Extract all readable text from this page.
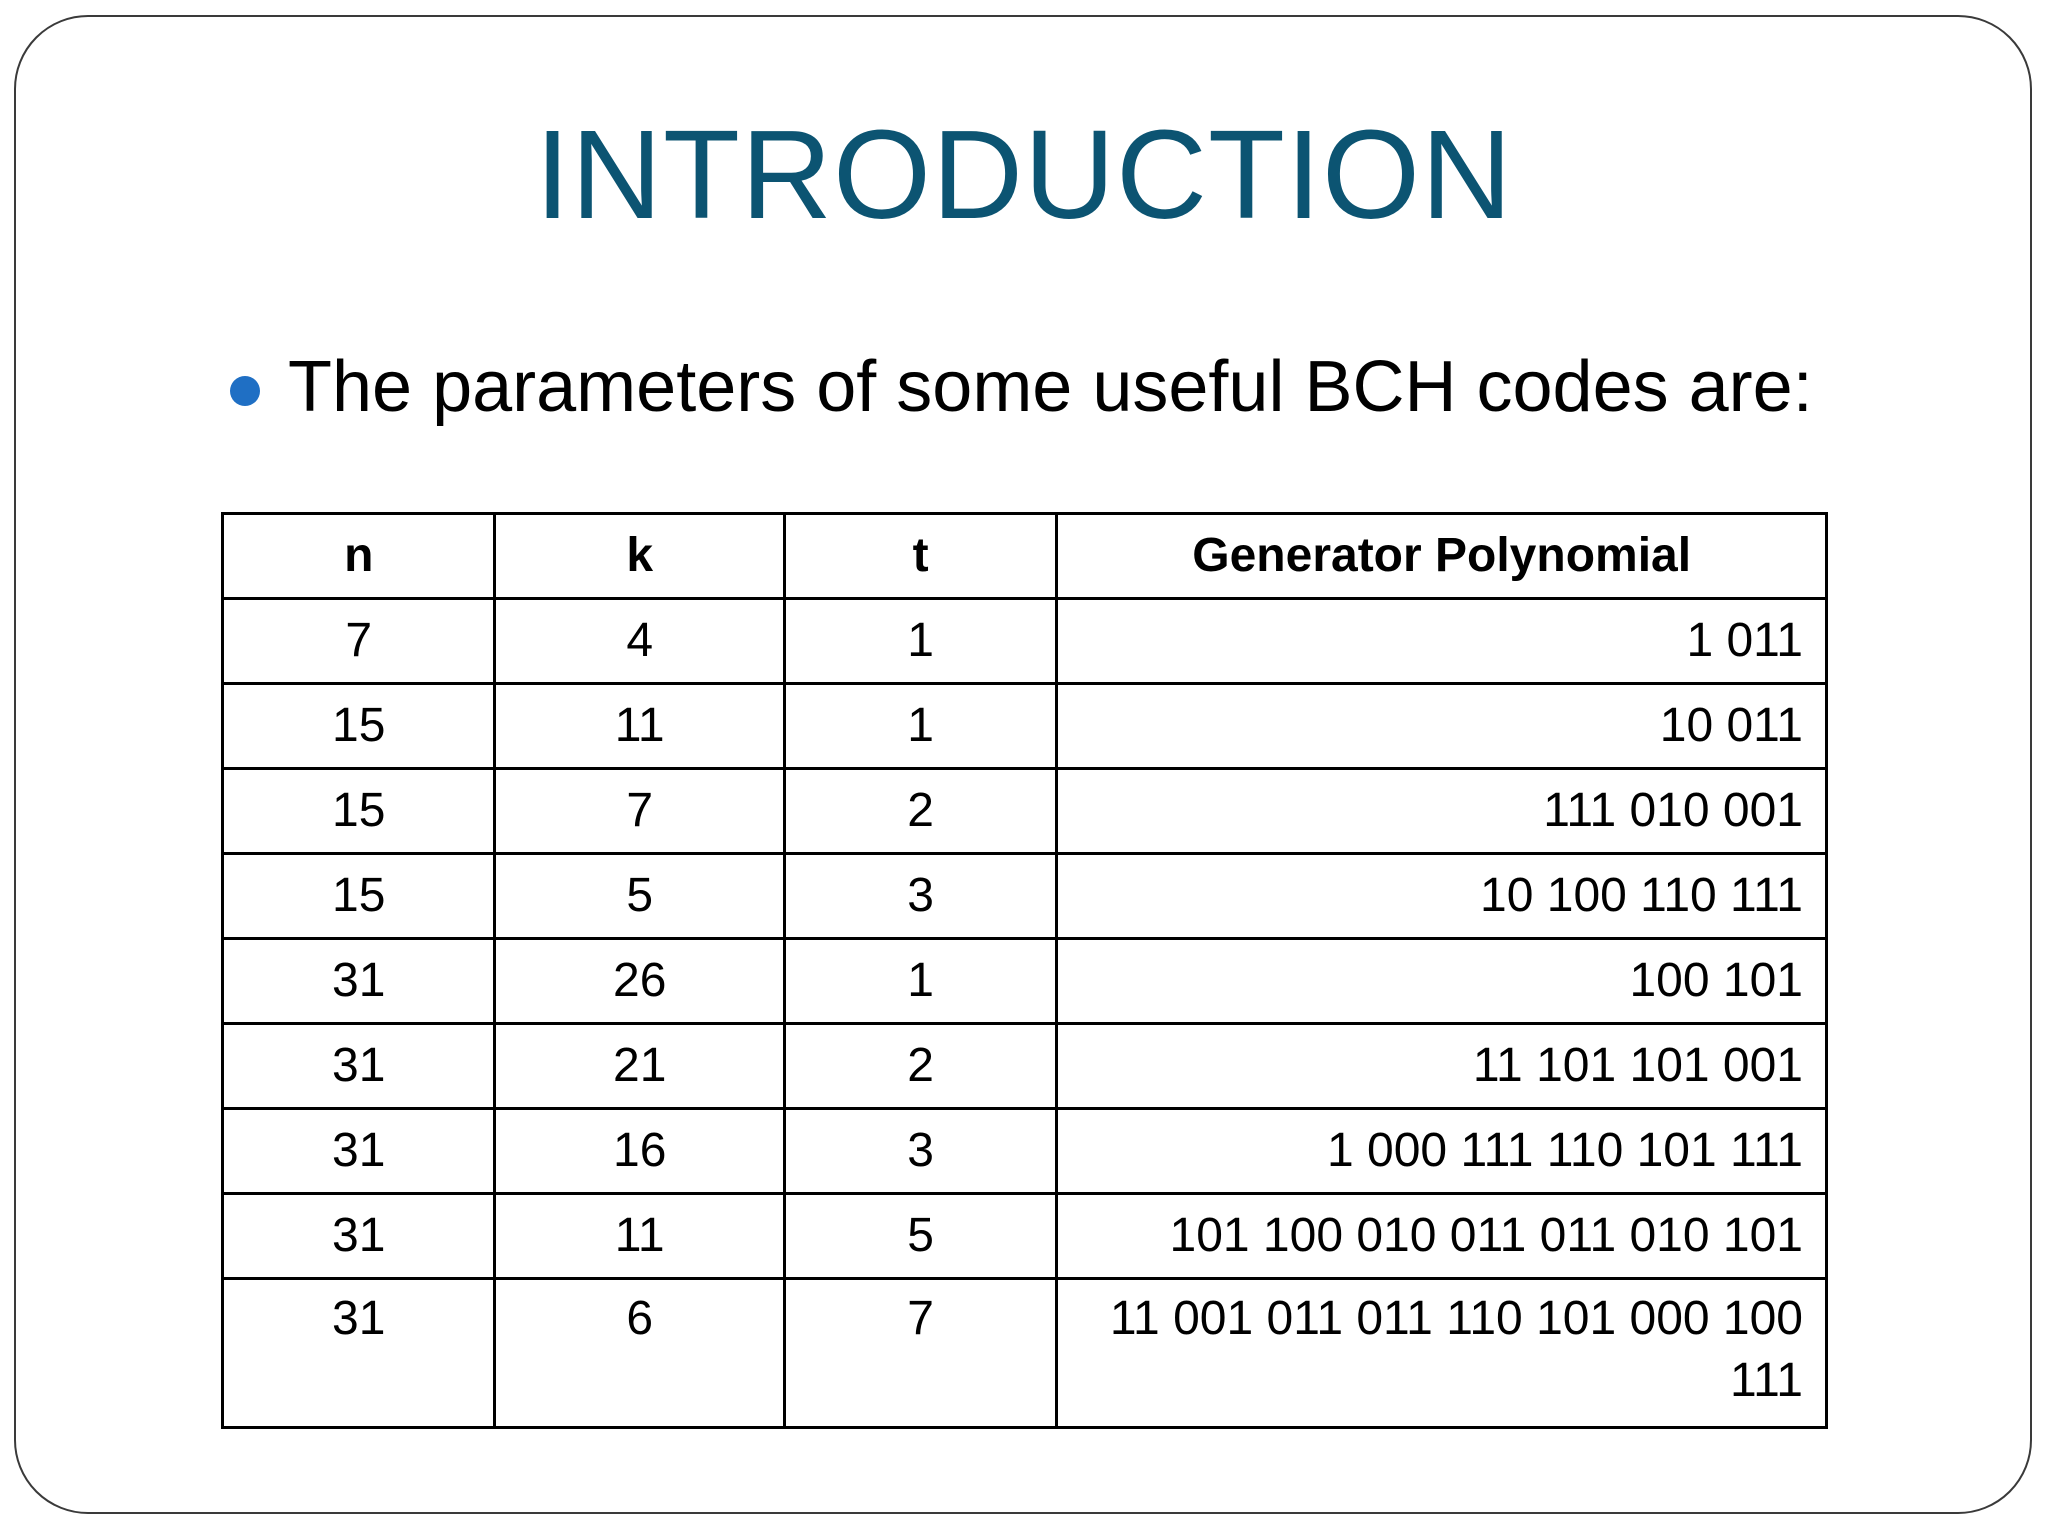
INTRODUCTION
The parameters of some useful BCH codes are:
n	k	t	Generator Polynomial
7	4	1	1 011
15	11	1	10 011
15	7	2	111 010 001
15	5	3	10 100 110 111
31	26	1	100 101
31	21	2	11 101 101 001
31	16	3	1 000 111 110 101 111
31	11	5	101 100 010 011 011 010 101
31	6	7	11 001 011 011 110 101 000 100 111
